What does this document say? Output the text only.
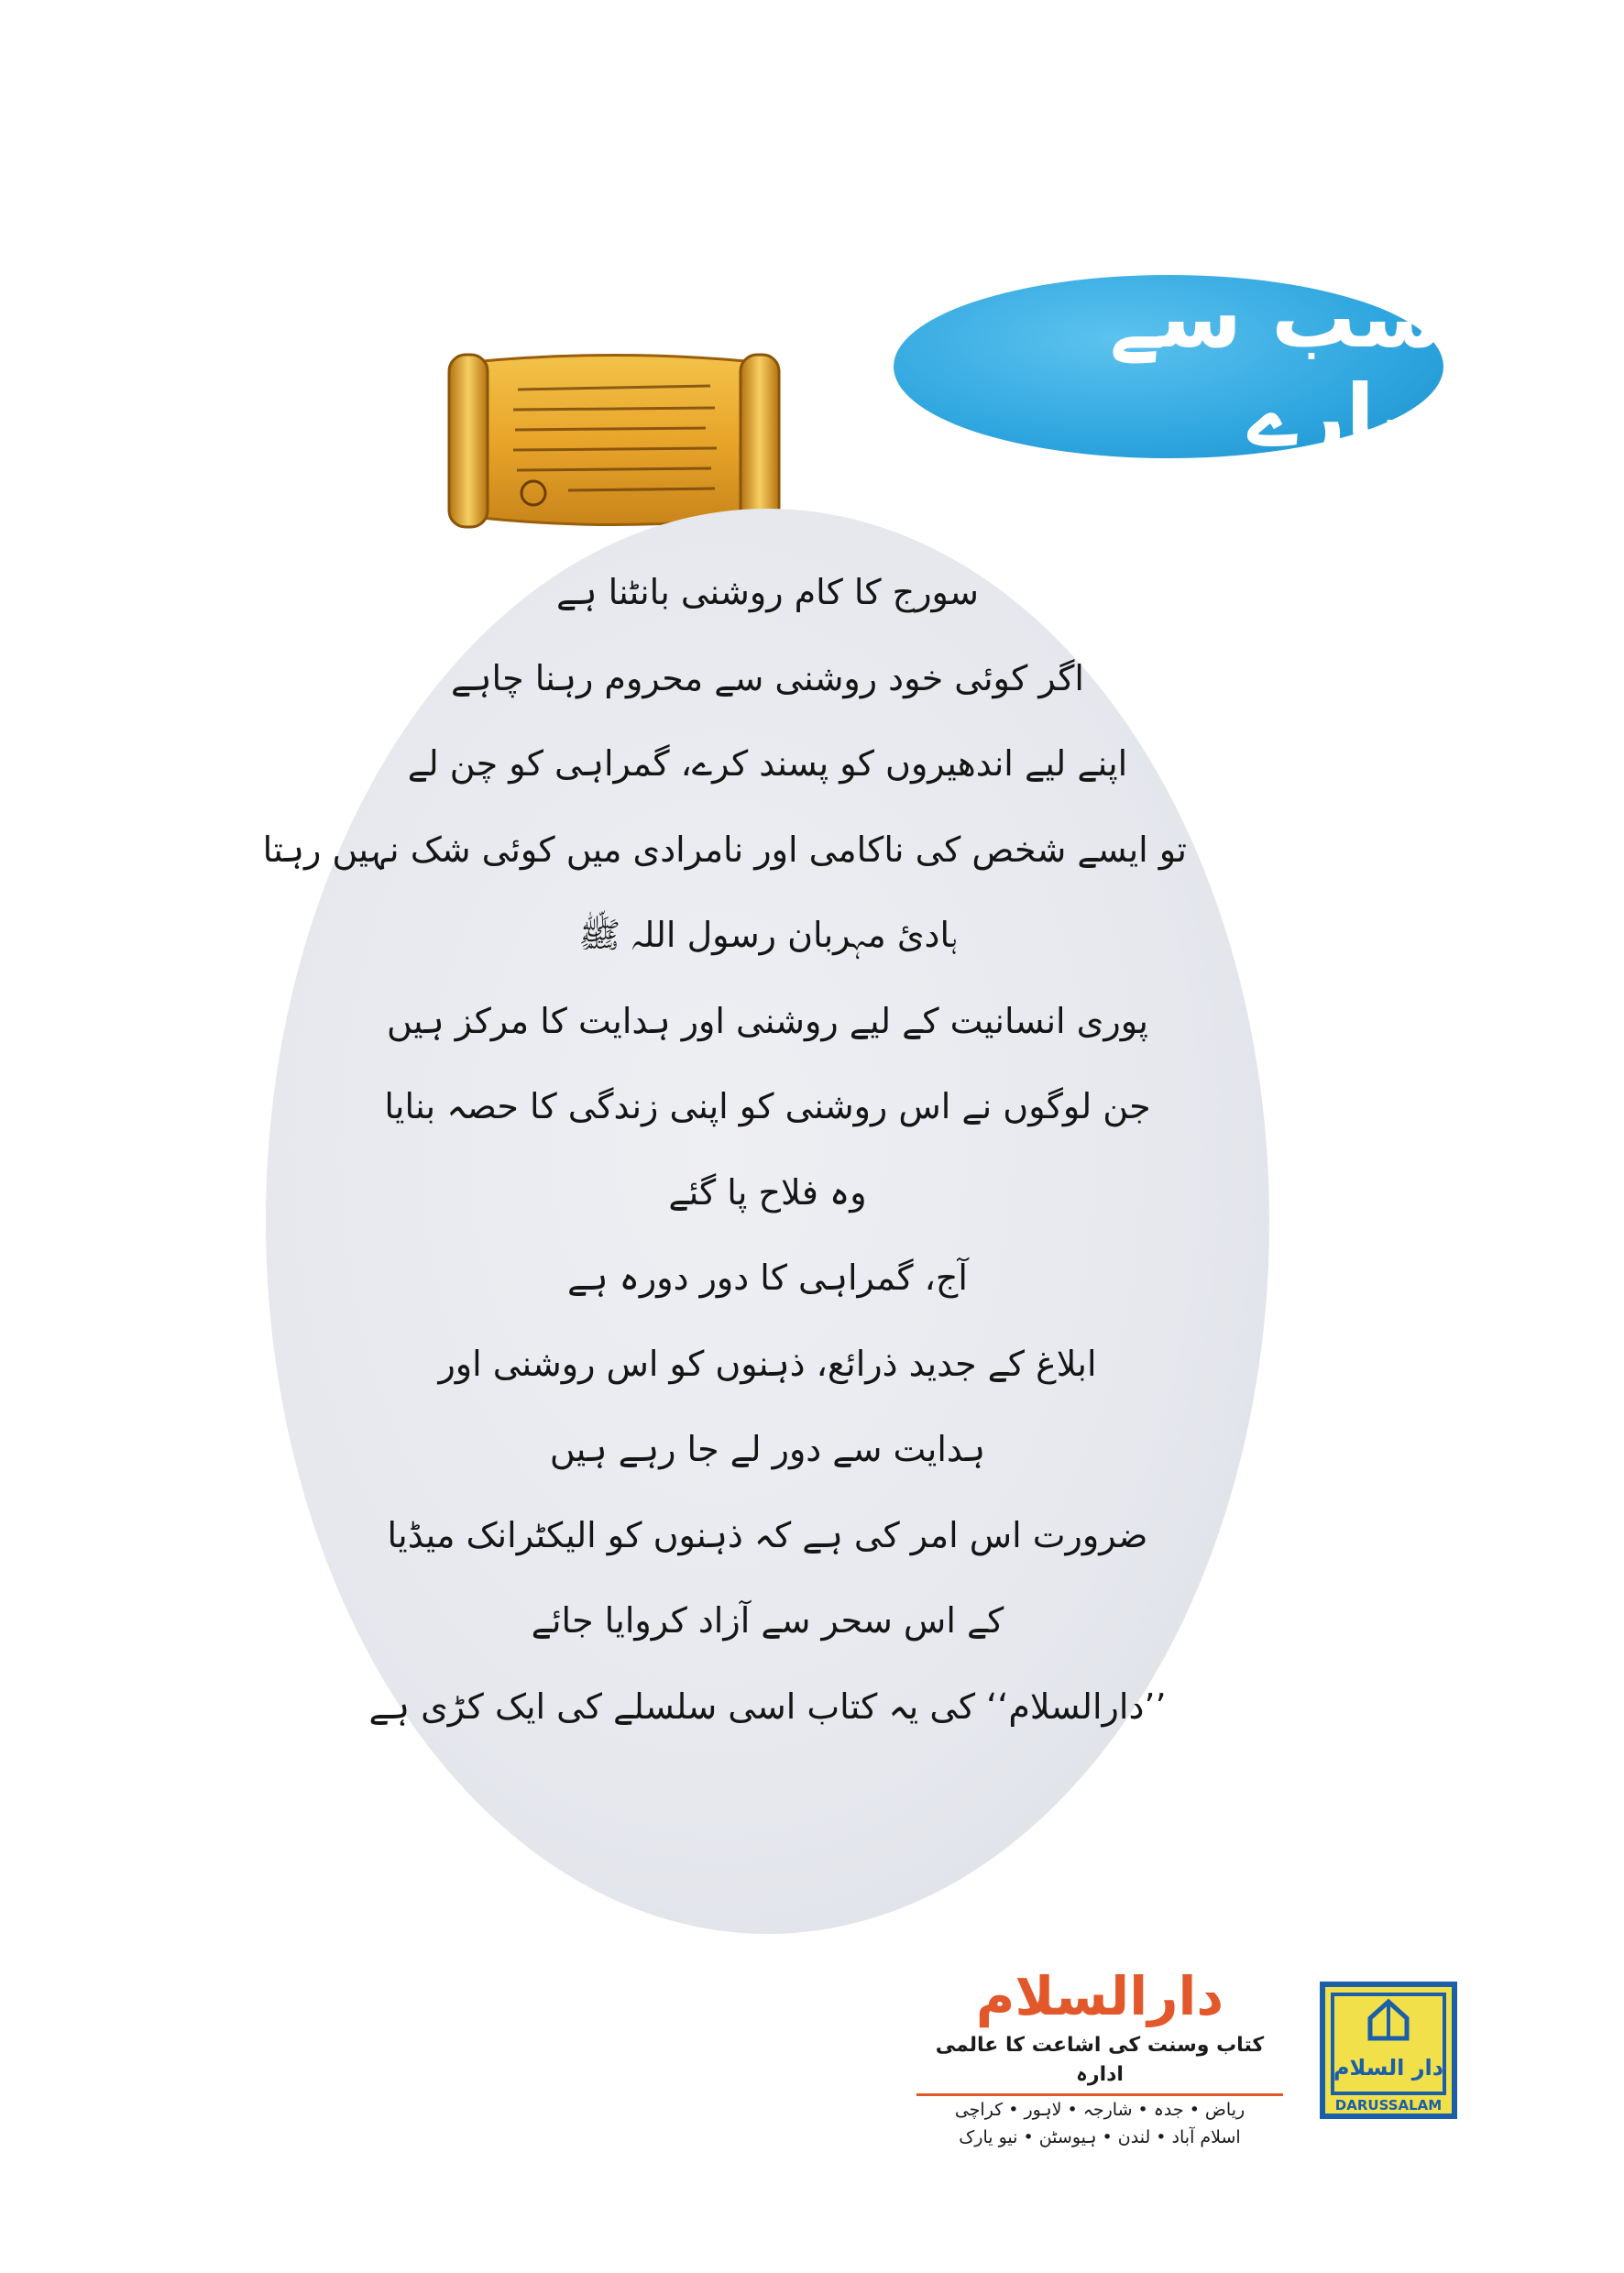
سب سے پیارے
سورج کا کام روشنی بانٹنا ہے
اگر کوئی خود روشنی سے محروم رہنا چاہے
اپنے لیے اندھیروں کو پسند کرے، گمراہی کو چن لے
تو ایسے شخص کی ناکامی اور نامرادی میں کوئی شک نہیں رہتا
ہادیٔ مہربان رسول اللہ ﷺ
پوری انسانیت کے لیے روشنی اور ہدایت کا مرکز ہیں
جن لوگوں نے اس روشنی کو اپنی زندگی کا حصہ بنایا
وہ فلاح پا گئے
آج، گمراہی کا دور دورہ ہے
ابلاغ کے جدید ذرائع، ذہنوں کو اس روشنی اور
ہدایت سے دور لے جا رہے ہیں
ضرورت اس امر کی ہے کہ ذہنوں کو الیکٹرانک میڈیا
کے اس سحر سے آزاد کروایا جائے
’’دارالسلام‘‘ کی یہ کتاب اسی سلسلے کی ایک کڑی ہے
دارالسلام
کتاب وسنت کی اشاعت کا عالمی ادارہ
ریاض • جدہ • شارجہ • لاہور • کراچی
اسلام آباد • لندن • ہیوسٹن • نیو یارک
دار السلام
DARUSSALAM
